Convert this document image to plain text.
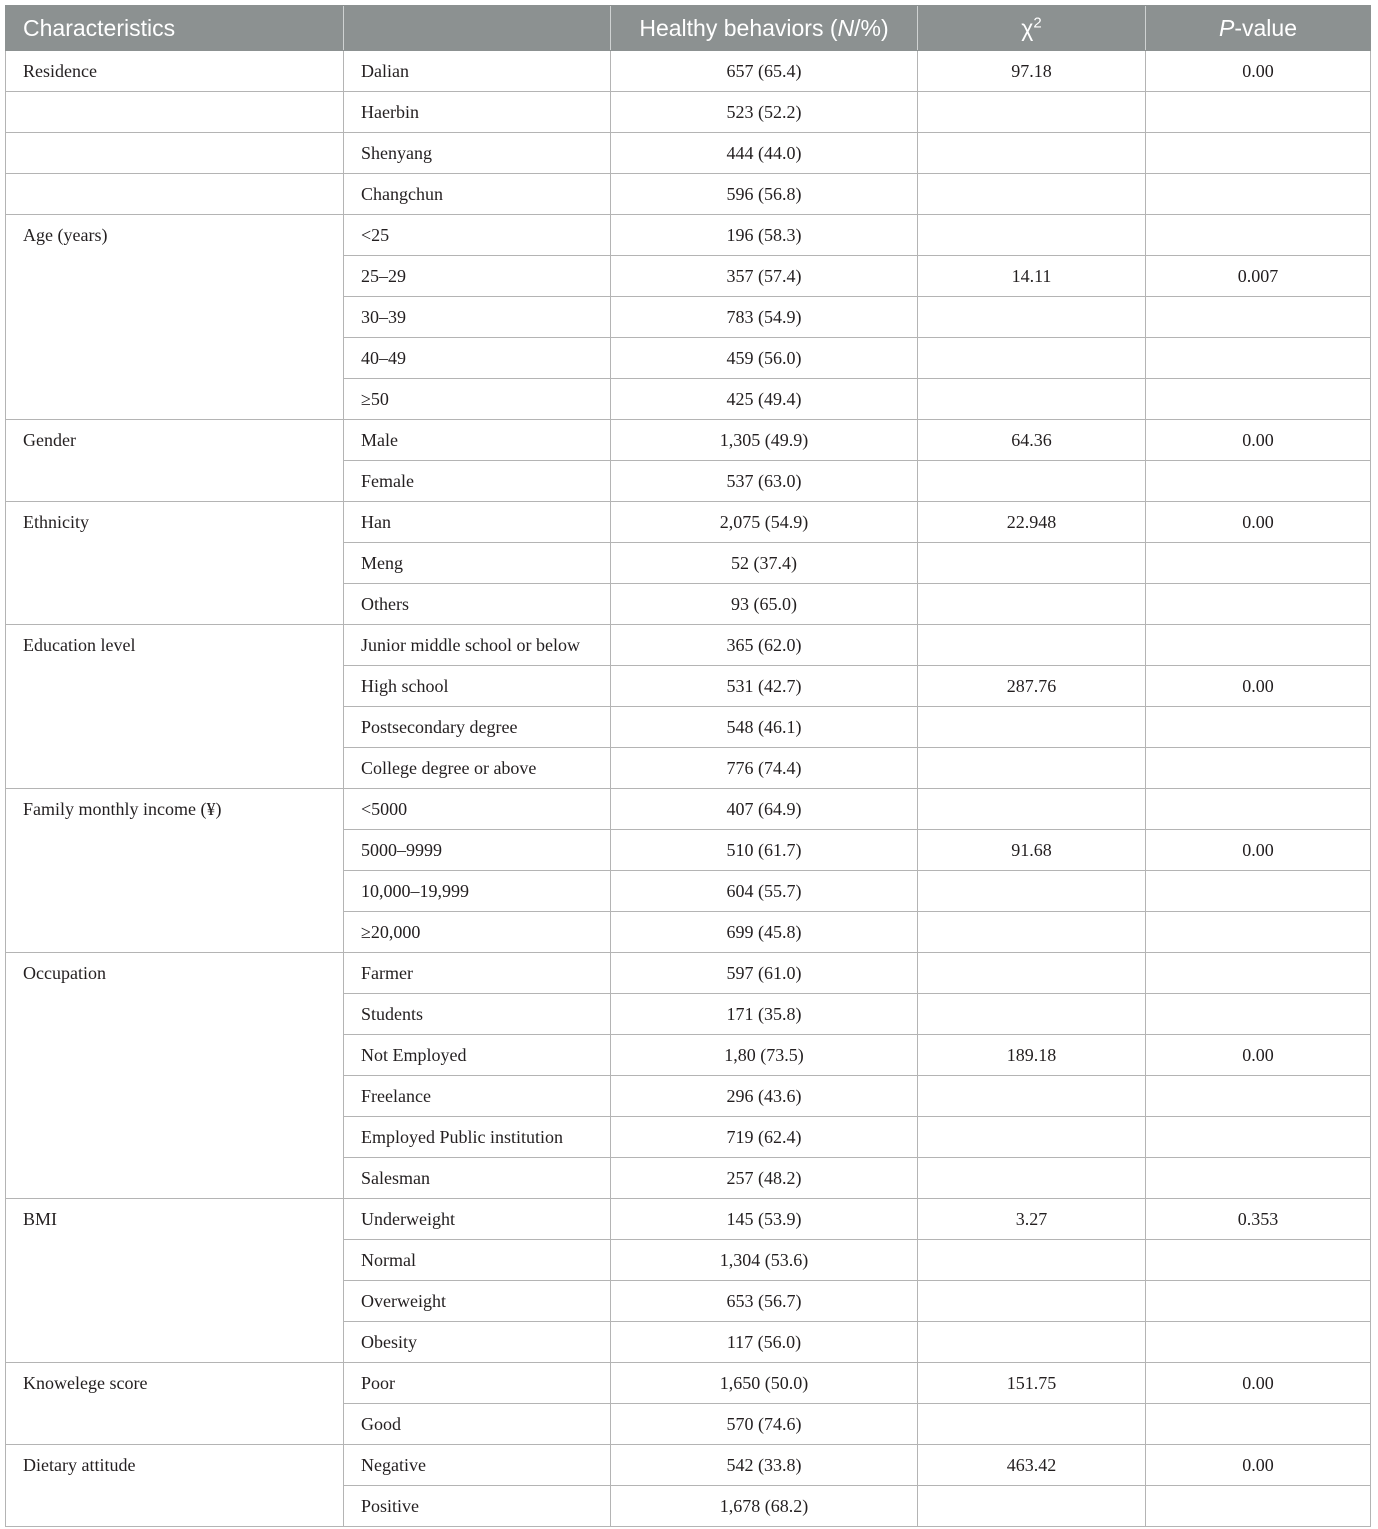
Characteristics		Healthy behaviors (N/%)	$\chi^2$	P-value
Residence	Dalian	657 (65.4)	97.18	0.00
	Haerbin	523 (52.2)		
	Shenyang	444 (44.0)		
	Changchun	596 (56.8)		
Age (years)	<25	196 (58.3)		
	25–29	357 (57.4)	14.11	0.007
	30–39	783 (54.9)		
	40–49	459 (56.0)		
	≥50	425 (49.4)		
Gender	Male	1,305 (49.9)	64.36	0.00
	Female	537 (63.0)		
Ethnicity	Han	2,075 (54.9)	22.948	0.00
	Meng	52 (37.4)		
	Others	93 (65.0)		
Education level	Junior middle school or below	365 (62.0)		
	High school	531 (42.7)	287.76	0.00
	Postsecondary degree	548 (46.1)		
	College degree or above	776 (74.4)		
Family monthly income (¥)	<5000	407 (64.9)		
	5000–9999	510 (61.7)	91.68	0.00
	10,000–19,999	604 (55.7)		
	≥20,000	699 (45.8)		
Occupation	Farmer	597 (61.0)		
	Students	171 (35.8)		
	Not Employed	1,80 (73.5)	189.18	0.00
	Freelance	296 (43.6)		
	Employed Public institution	719 (62.4)		
	Salesman	257 (48.2)		
BMI	Underweight	145 (53.9)	3.27	0.353
	Normal	1,304 (53.6)		
	Overweight	653 (56.7)		
	Obesity	117 (56.0)		
Knowelege score	Poor	1,650 (50.0)	151.75	0.00
	Good	570 (74.6)		
Dietary attitude	Negative	542 (33.8)	463.42	0.00
	Positive	1,678 (68.2)		
